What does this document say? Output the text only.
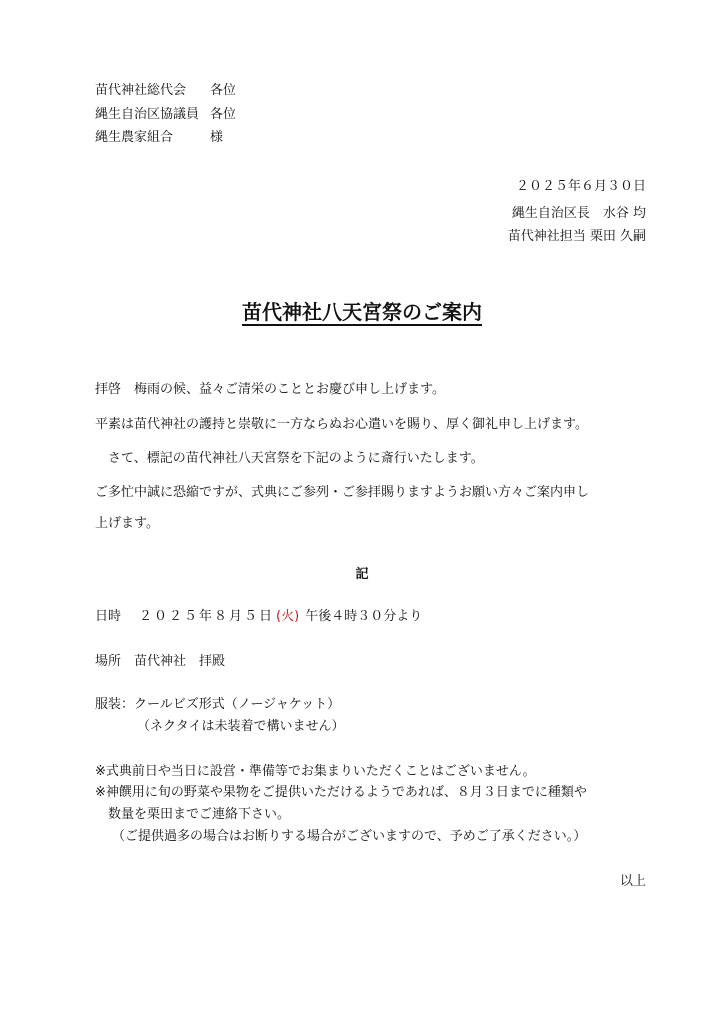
苗代神社総代会 各位
縄生自治区協議員 各位
縄生農家組合	様
２０２５年６月３０日
縄生自治区長　水谷 均
苗代神社担当 栗田 久嗣
苗代神社八天宮祭のご案内
拝啓　梅雨の候、益々ご清栄のこととお慶び申し上げます。
平素は苗代神社の護持と崇敬に一方ならぬお心遣いを賜り、厚く御礼申し上げます。
　さて、標記の苗代神社八天宮祭を下記のように斎行いたします。
ご多忙中誠に恐縮ですが、式典にご参列・ご参拝賜りますようお願い方々ご案内申し
上げます。
記
日時 ２０２５年８月５日 (火) 午後４時３０分より
場所　苗代神社　拝殿
服装：クールビズ形式（ノージャケット）
（ネクタイは未装着で構いません）
※式典前日や当日に設営・準備等でお集まりいただくことはございません。
※神饌用に旬の野菜や果物をご提供いただけるようであれば、８月３日までに種類や
数量を栗田までご連絡下さい。
（ご提供過多の場合はお断りする場合がございますので、予めご了承ください。）
以上
